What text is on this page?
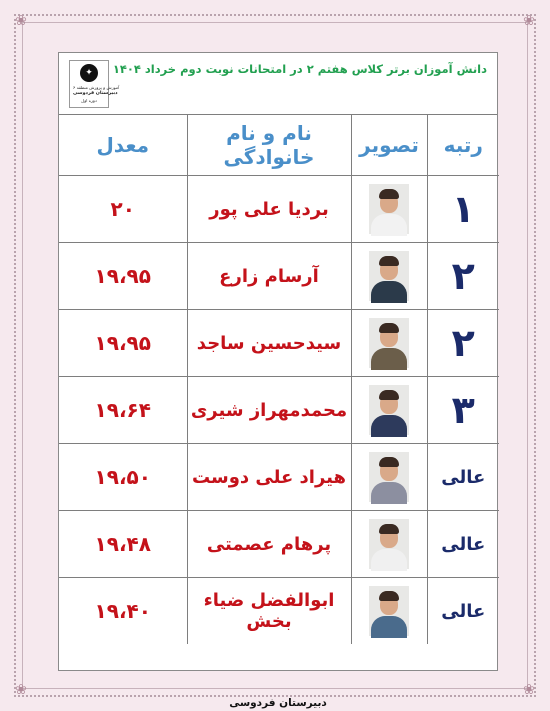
❀	❀
❀	❀
✦
آموزش و پرورش منطقه ۶
دبیرستان فردوسی
دوره اول
دانش آموزان برتر کلاس هفتم ۲ در امتحانات نوبت دوم خرداد ۱۴۰۴
رتبه	تصویر	نام و نام خانوادگی	معدل
۱		بردیا علی پور	۲۰
۲		آرسام زارع	۱۹،۹۵
۲		سیدحسین ساجد	۱۹،۹۵
۳		محمدمهراز شیری	۱۹،۶۴
عالی		هیراد علی دوست	۱۹،۵۰
عالی		پرهام عصمتی	۱۹،۴۸
عالی		ابوالفضل ضیاء بخش	۱۹،۴۰
دبیرستان فردوسی
